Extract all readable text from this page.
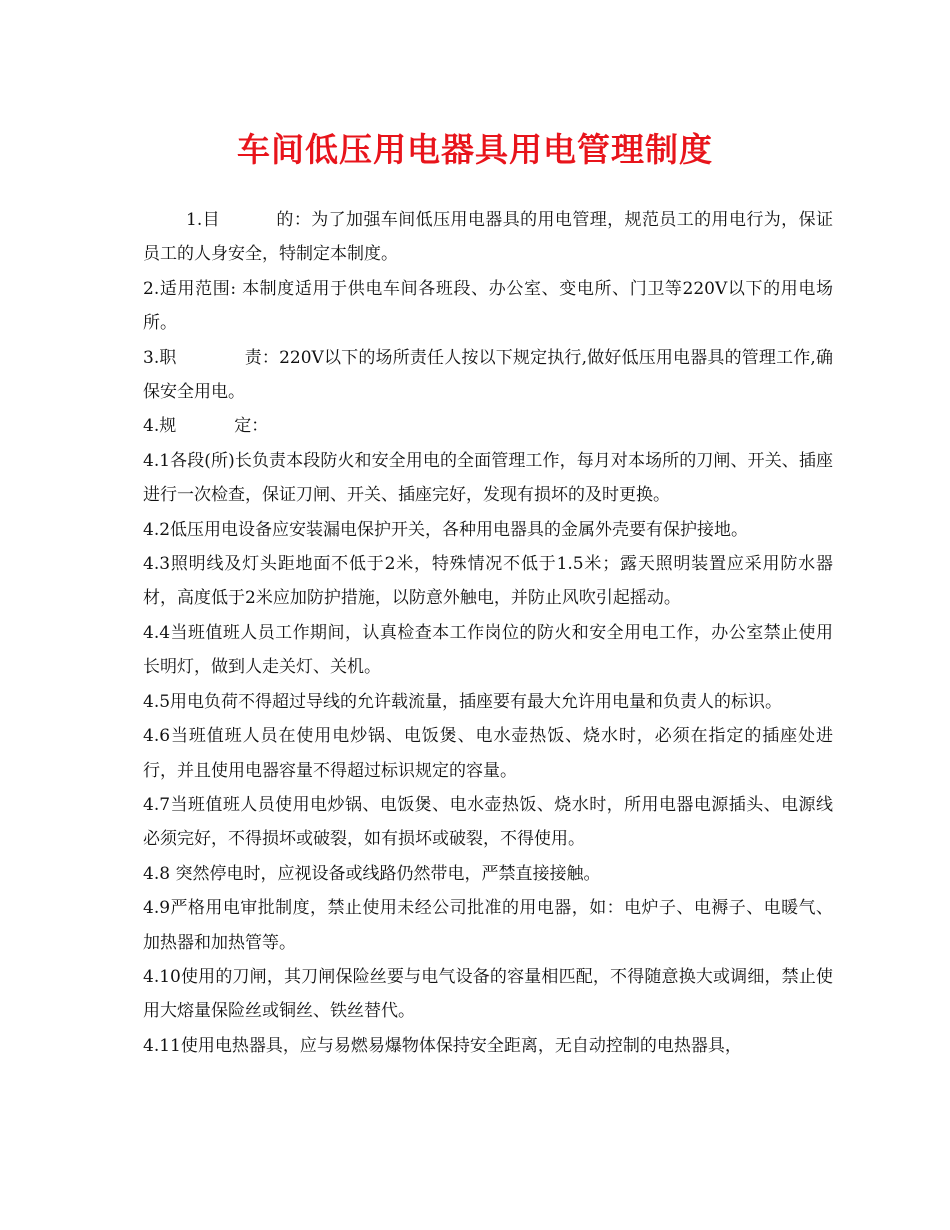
车间低压用电器具用电管理制度

1.目	的：为了加强车间低压用电器具的用电管理，规范员工的用电行为，保证员工的人身安全，特制定本制度。

2.适用范围: 本制度适用于供电车间各班段、办公室、变电所、门卫等220V以下的用电场所。

3.职	责：220V以下的场所责任人按以下规定执行,做好低压用电器具的管理工作,确保安全用电。

4.规	定：

4.1各段(所)长负责本段防火和安全用电的全面管理工作，每月对本场所的刀闸、开关、插座进行一次检查，保证刀闸、开关、插座完好，发现有损坏的及时更换。

4.2低压用电设备应安装漏电保护开关，各种用电器具的金属外壳要有保护接地。

4.3照明线及灯头距地面不低于2米，特殊情况不低于1.5米；露天照明装置应采用防水器材，高度低于2米应加防护措施，以防意外触电，并防止风吹引起摇动。

4.4当班值班人员工作期间，认真检查本工作岗位的防火和安全用电工作，办公室禁止使用长明灯，做到人走关灯、关机。

4.5用电负荷不得超过导线的允许载流量，插座要有最大允许用电量和负责人的标识。

4.6当班值班人员在使用电炒锅、电饭煲、电水壶热饭、烧水时，必须在指定的插座处进行，并且使用电器容量不得超过标识规定的容量。

4.7当班值班人员使用电炒锅、电饭煲、电水壶热饭、烧水时，所用电器电源插头、电源线必须完好，不得损坏或破裂，如有损坏或破裂，不得使用。

4.8 突然停电时，应视设备或线路仍然带电，严禁直接接触。

4.9严格用电审批制度，禁止使用未经公司批准的用电器，如：电炉子、电褥子、电暖气、加热器和加热管等。

4.10使用的刀闸，其刀闸保险丝要与电气设备的容量相匹配，不得随意换大或调细，禁止使用大熔量保险丝或铜丝、铁丝替代。

4.11使用电热器具，应与易燃易爆物体保持安全距离，无自动控制的电热器具，
